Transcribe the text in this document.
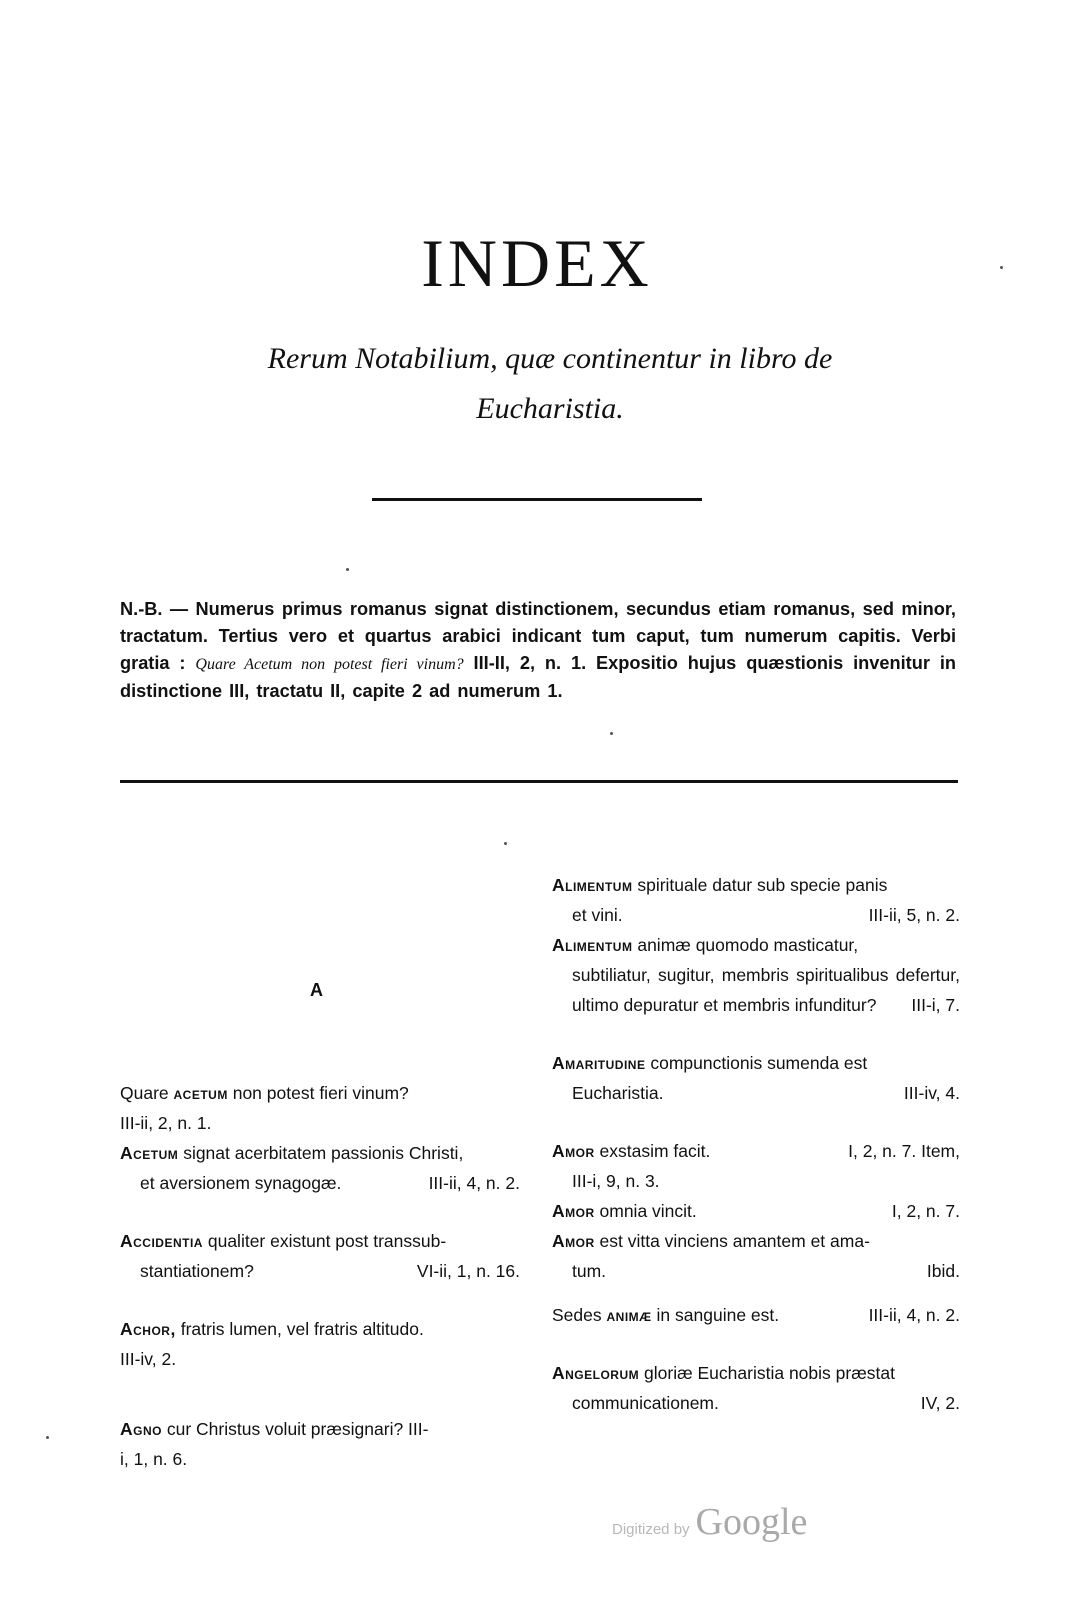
INDEX
Rerum Notabilium, quæ continentur in libro de
Eucharistia.
N.-B. — Numerus primus romanus signat distinctionem, secundus etiam romanus, sed minor, tractatum. Tertius vero et quartus arabici indicant tum caput, tum numerum capitis. Verbi gratia : Quare Acetum non potest fieri vinum? III-II, 2, n. 1. Expositio hujus quæstionis invenitur in distinctione III, tractatu II, capite 2 ad numerum 1.
A
Quare acetum non potest fieri vinum?
III-ii, 2, n. 1.
Acetum signat acerbitatem passionis Christi,
et aversionem synagogæ.	III-ii, 4, n. 2.
Accidentia qualiter existunt post transsub-
stantiationem?	VI-ii, 1, n. 16.
Achor, fratris lumen, vel fratris altitudo.
III-iv, 2.
Agno cur Christus voluit præsignari? III-
i, 1, n. 6.
Alimentum spirituale datur sub specie panis
et vini.	III-ii, 5, n. 2.
Alimentum animæ quomodo masticatur,
subtiliatur, sugitur, membris spiritualibus defertur, ultimo depuratur et membris infunditur? III-i, 7.
Amaritudine compunctionis sumenda est
Eucharistia.	III-iv, 4.
Amor exstasim facit.	I, 2, n. 7. Item,
III-i, 9, n. 3.
Amor omnia vincit.	I, 2, n. 7.
Amor est vitta vinciens amantem et ama-
tum.	Ibid.
Sedes animæ in sanguine est.	III-ii, 4, n. 2.
Angelorum gloriæ Eucharistia nobis præstat
communicationem.	IV, 2.
Digitized by Google
